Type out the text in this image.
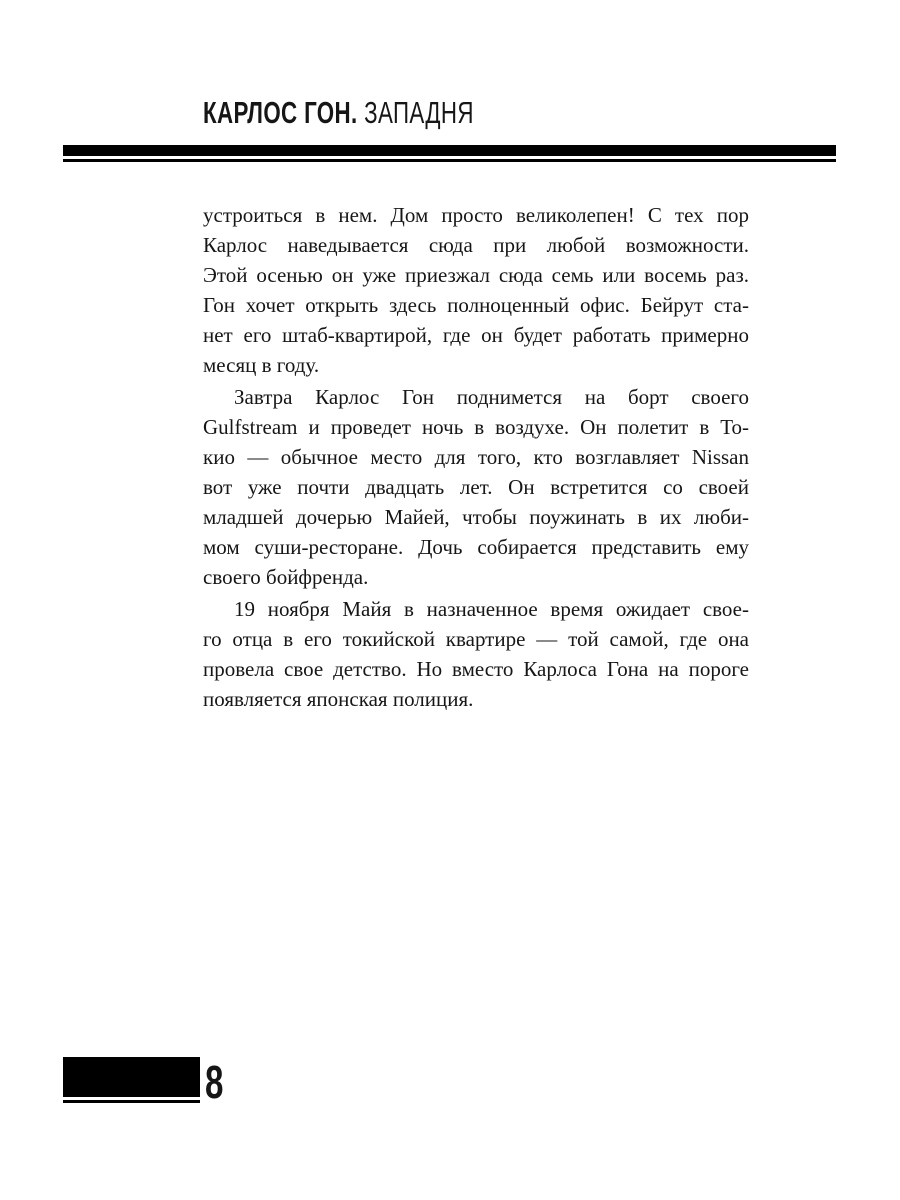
КАРЛОС ГОН. ЗАПАДНЯ
устроиться в нем. Дом просто великолепен! С тех пор
Карлос наведывается сюда при любой возможности.
Этой осенью он уже приезжал сюда семь или восемь раз.
Гон хочет открыть здесь полноценный офис. Бейрут ста-
нет его штаб-квартирой, где он будет работать примерно
месяц в году.
Завтра Карлос Гон поднимется на борт своего
Gulfstream и проведет ночь в воздухе. Он полетит в То-
кио — обычное место для того, кто возглавляет Nissan
вот уже почти двадцать лет. Он встретится со своей
младшей дочерью Майей, чтобы поужинать в их люби-
мом суши-ресторане. Дочь собирается представить ему
своего бойфренда.
19 ноября Майя в назначенное время ожидает свое-
го отца в его токийской квартире — той самой, где она
провела свое детство. Но вместо Карлоса Гона на пороге
появляется японская полиция.
8
